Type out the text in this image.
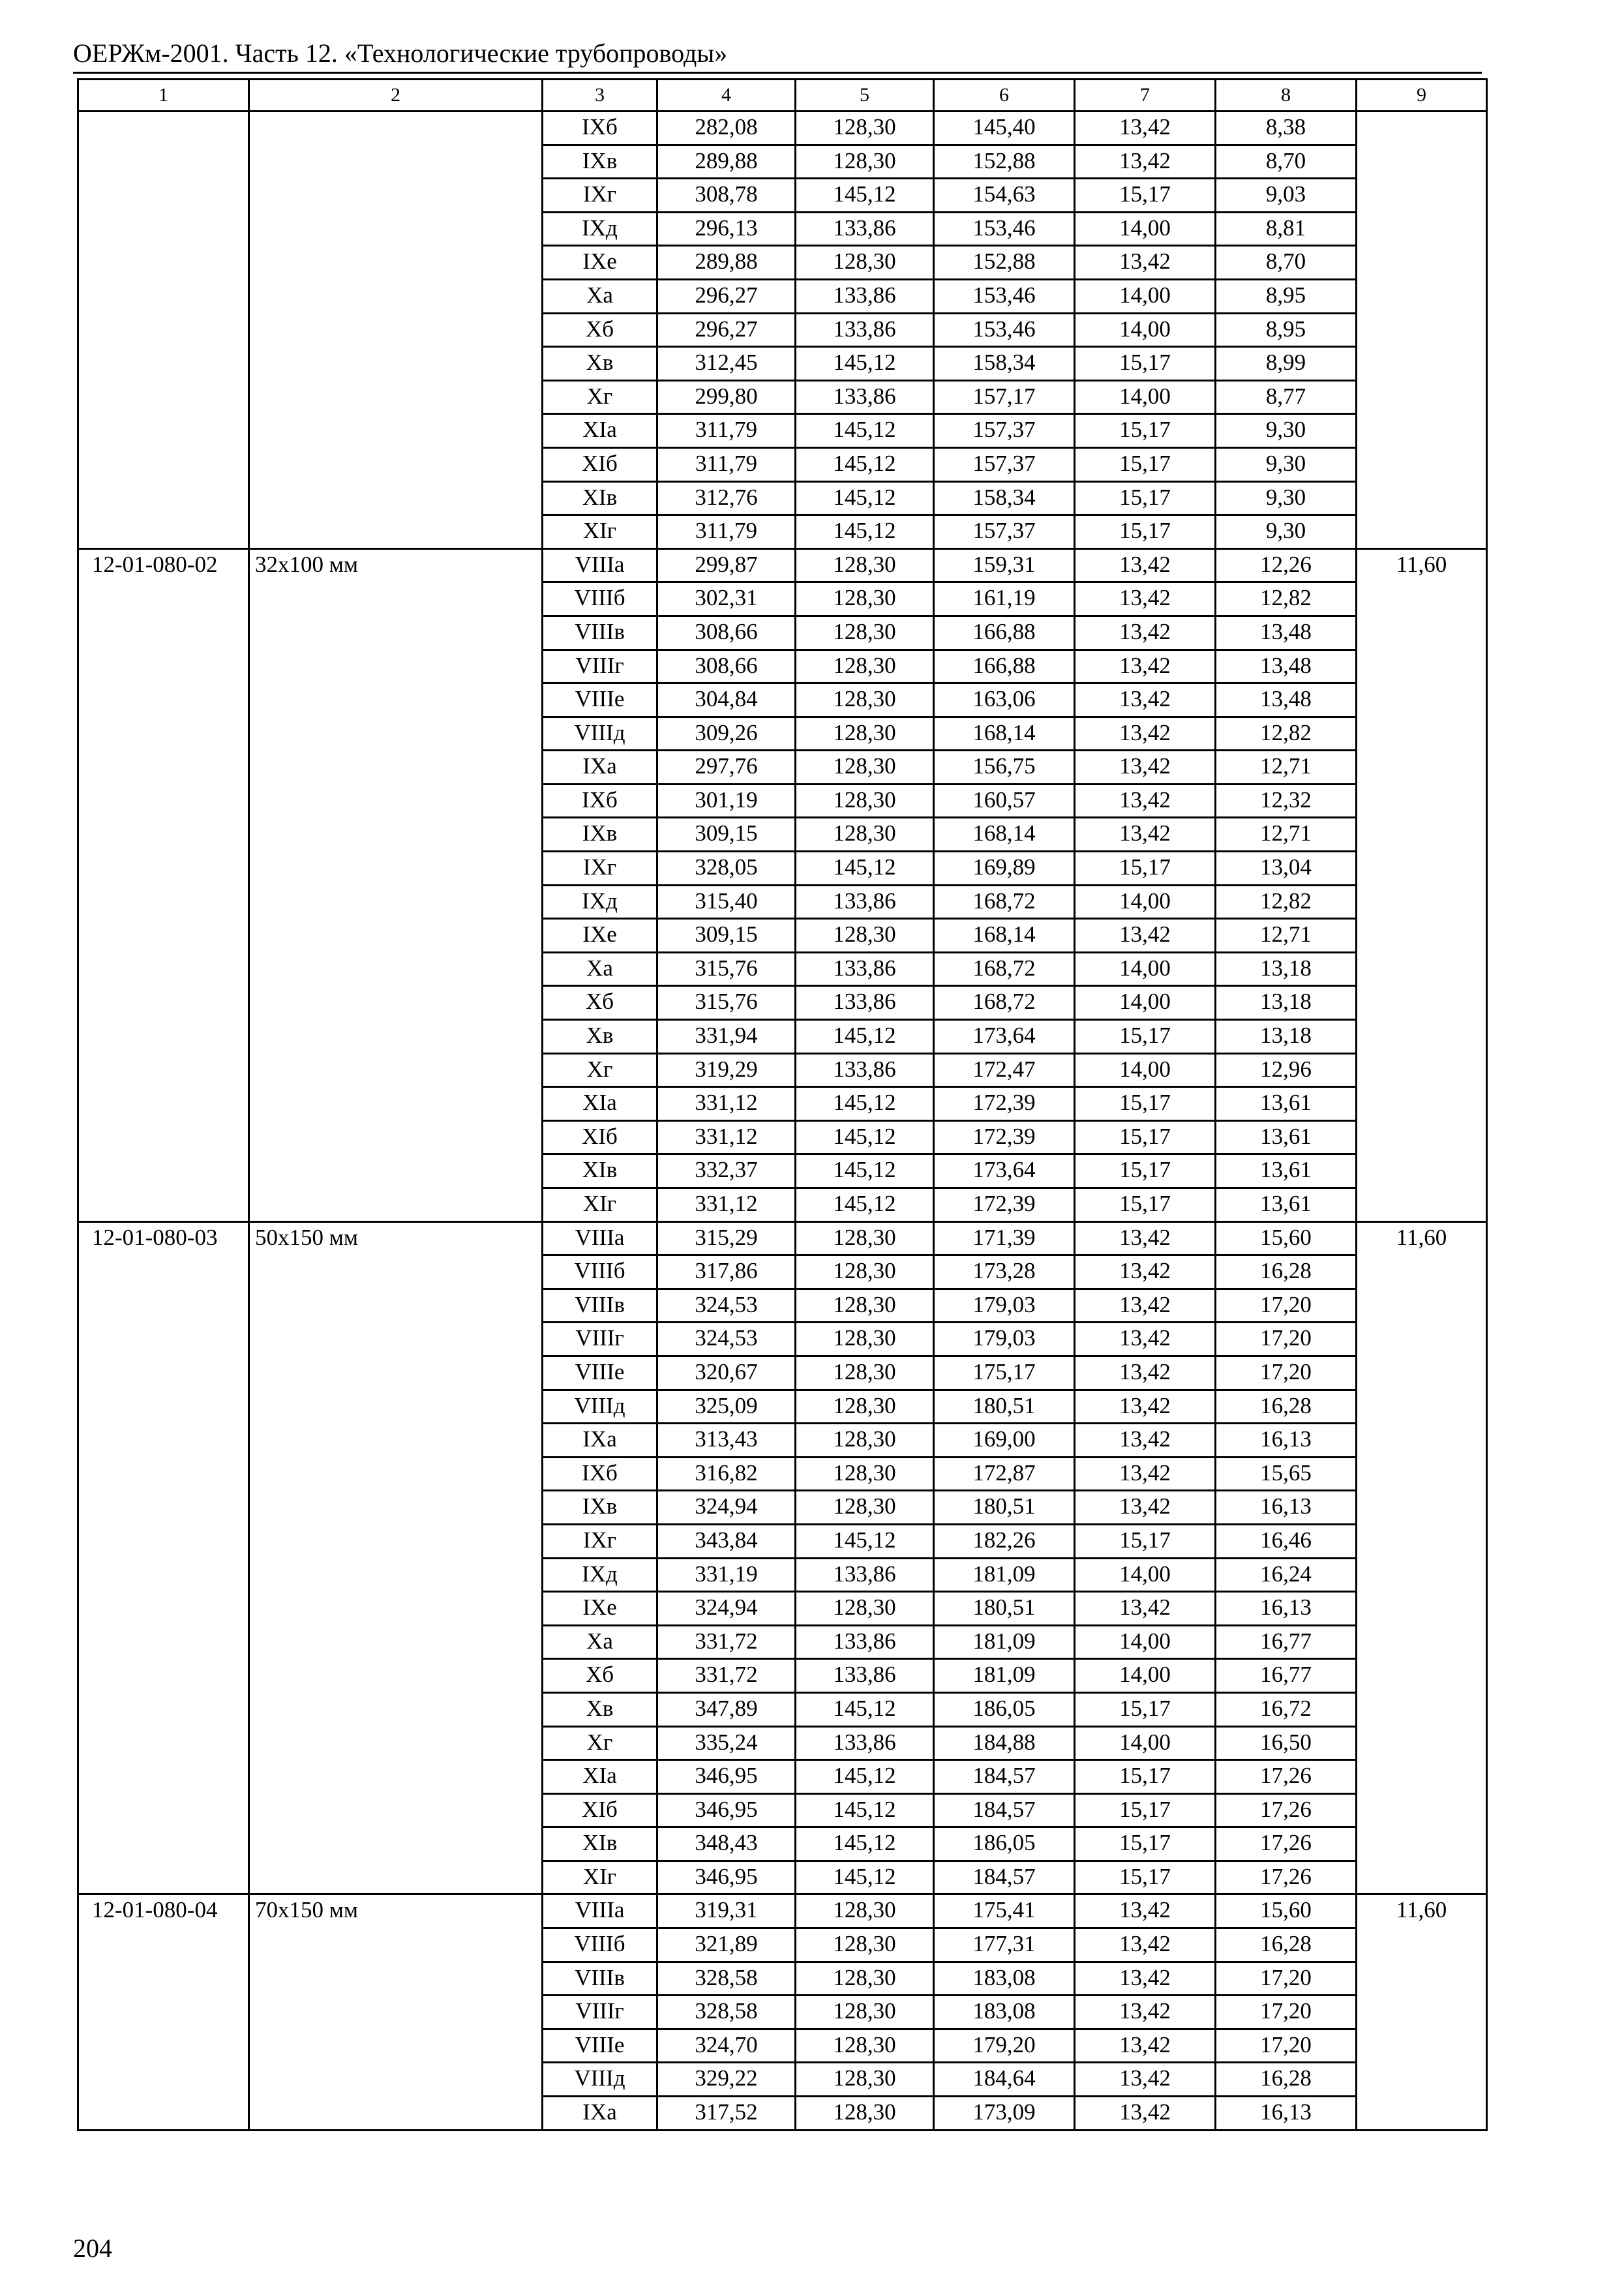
ОЕРЖм-2001. Часть 12. «Технологические трубопроводы»
1	2	3	4	5	6	7	8	9
		IXб	282,08	128,30	145,40	13,42	8,38	
		IXв	289,88	128,30	152,88	13,42	8,70	
		IXг	308,78	145,12	154,63	15,17	9,03	
		IXд	296,13	133,86	153,46	14,00	8,81	
		IXе	289,88	128,30	152,88	13,42	8,70	
		Xа	296,27	133,86	153,46	14,00	8,95	
		Xб	296,27	133,86	153,46	14,00	8,95	
		Xв	312,45	145,12	158,34	15,17	8,99	
		Xг	299,80	133,86	157,17	14,00	8,77	
		XIа	311,79	145,12	157,37	15,17	9,30	
		XIб	311,79	145,12	157,37	15,17	9,30	
		XIв	312,76	145,12	158,34	15,17	9,30	
		XIг	311,79	145,12	157,37	15,17	9,30	
12-01-080-02	32х100 мм	VIIIа	299,87	128,30	159,31	13,42	12,26	11,60
		VIIIб	302,31	128,30	161,19	13,42	12,82	
		VIIIв	308,66	128,30	166,88	13,42	13,48	
		VIIIг	308,66	128,30	166,88	13,42	13,48	
		VIIIе	304,84	128,30	163,06	13,42	13,48	
		VIIIд	309,26	128,30	168,14	13,42	12,82	
		IXа	297,76	128,30	156,75	13,42	12,71	
		IXб	301,19	128,30	160,57	13,42	12,32	
		IXв	309,15	128,30	168,14	13,42	12,71	
		IXг	328,05	145,12	169,89	15,17	13,04	
		IXд	315,40	133,86	168,72	14,00	12,82	
		IXе	309,15	128,30	168,14	13,42	12,71	
		Xа	315,76	133,86	168,72	14,00	13,18	
		Xб	315,76	133,86	168,72	14,00	13,18	
		Xв	331,94	145,12	173,64	15,17	13,18	
		Xг	319,29	133,86	172,47	14,00	12,96	
		XIа	331,12	145,12	172,39	15,17	13,61	
		XIб	331,12	145,12	172,39	15,17	13,61	
		XIв	332,37	145,12	173,64	15,17	13,61	
		XIг	331,12	145,12	172,39	15,17	13,61	
12-01-080-03	50х150 мм	VIIIа	315,29	128,30	171,39	13,42	15,60	11,60
		VIIIб	317,86	128,30	173,28	13,42	16,28	
		VIIIв	324,53	128,30	179,03	13,42	17,20	
		VIIIг	324,53	128,30	179,03	13,42	17,20	
		VIIIе	320,67	128,30	175,17	13,42	17,20	
		VIIIд	325,09	128,30	180,51	13,42	16,28	
		IXа	313,43	128,30	169,00	13,42	16,13	
		IXб	316,82	128,30	172,87	13,42	15,65	
		IXв	324,94	128,30	180,51	13,42	16,13	
		IXг	343,84	145,12	182,26	15,17	16,46	
		IXд	331,19	133,86	181,09	14,00	16,24	
		IXе	324,94	128,30	180,51	13,42	16,13	
		Xа	331,72	133,86	181,09	14,00	16,77	
		Xб	331,72	133,86	181,09	14,00	16,77	
		Xв	347,89	145,12	186,05	15,17	16,72	
		Xг	335,24	133,86	184,88	14,00	16,50	
		XIа	346,95	145,12	184,57	15,17	17,26	
		XIб	346,95	145,12	184,57	15,17	17,26	
		XIв	348,43	145,12	186,05	15,17	17,26	
		XIг	346,95	145,12	184,57	15,17	17,26	
12-01-080-04	70х150 мм	VIIIа	319,31	128,30	175,41	13,42	15,60	11,60
		VIIIб	321,89	128,30	177,31	13,42	16,28	
		VIIIв	328,58	128,30	183,08	13,42	17,20	
		VIIIг	328,58	128,30	183,08	13,42	17,20	
		VIIIе	324,70	128,30	179,20	13,42	17,20	
		VIIIд	329,22	128,30	184,64	13,42	16,28	
		IXа	317,52	128,30	173,09	13,42	16,13	
204
